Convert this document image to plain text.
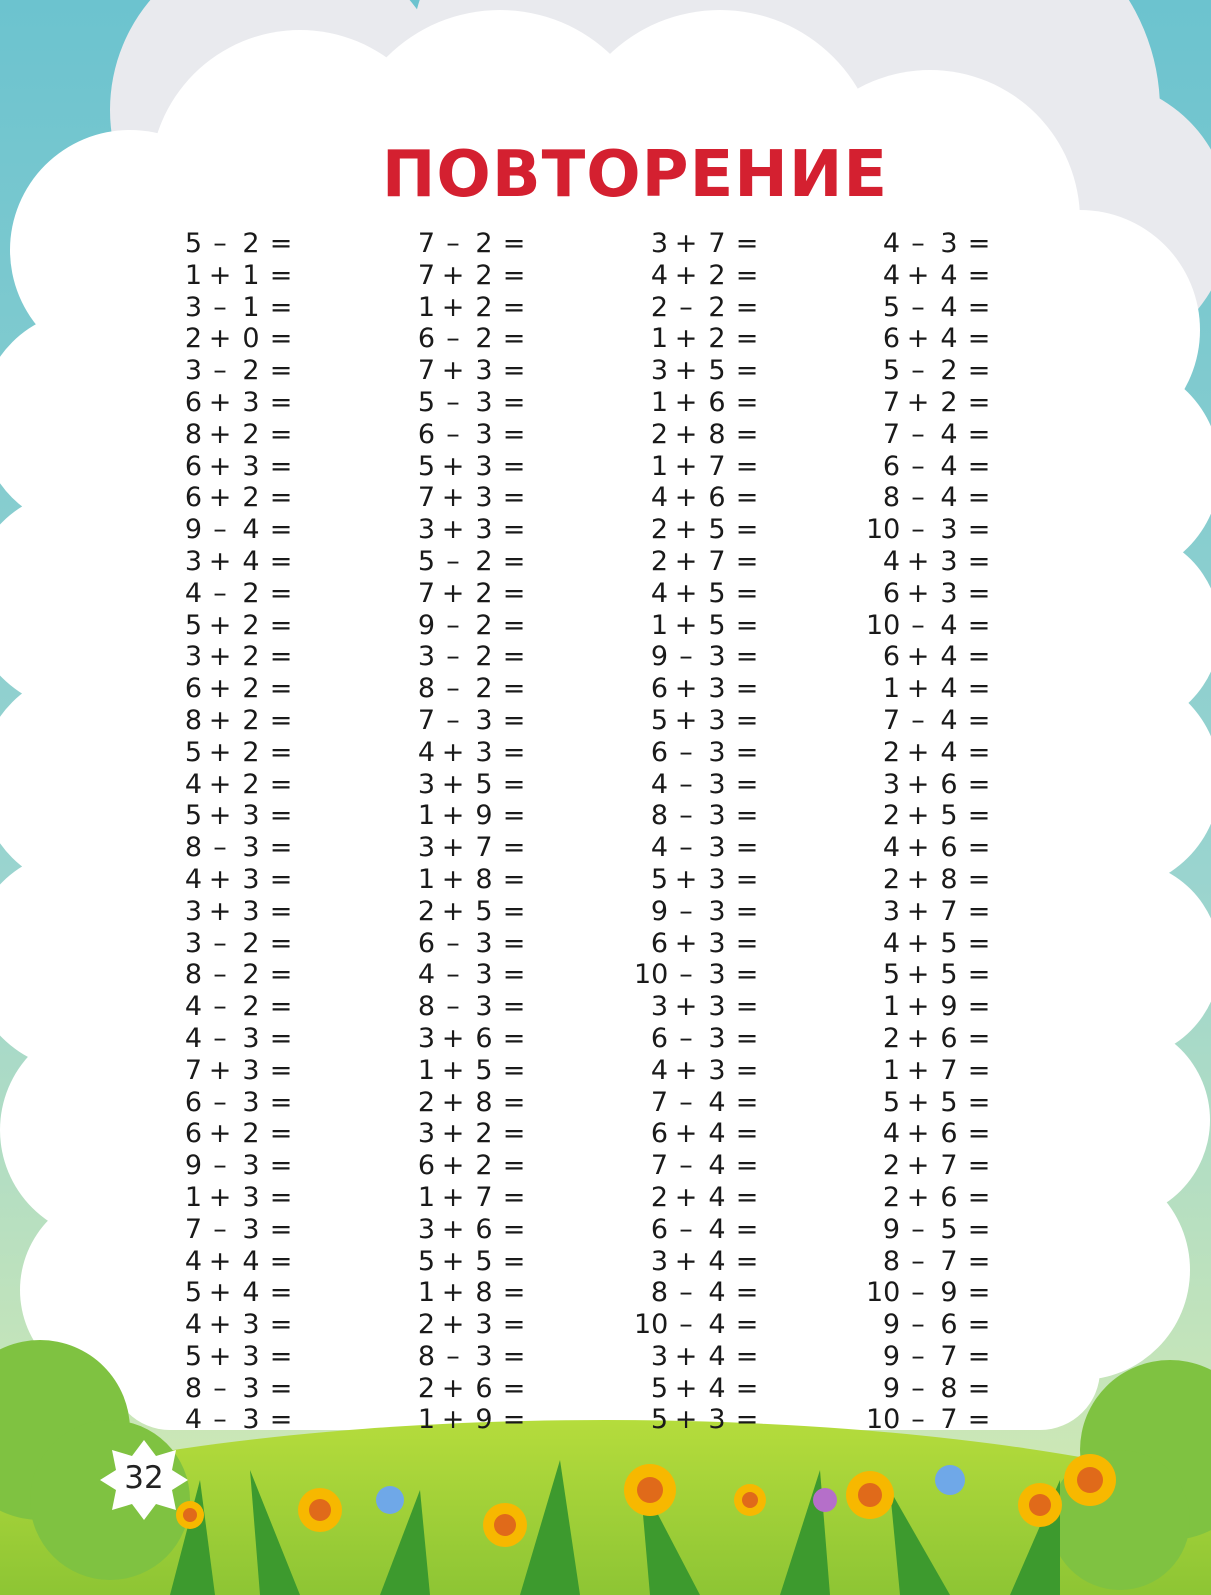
ПОВТОРЕНИЕ
5 – 2 =
1 + 1 =
3 – 1 =
2 + 0 =
3 – 2 =
6 + 3 =
8 + 2 =
6 + 3 =
6 + 2 =
9 – 4 =
3 + 4 =
4 – 2 =
5 + 2 =
3 + 2 =
6 + 2 =
8 + 2 =
5 + 2 =
4 + 2 =
5 + 3 =
8 – 3 =
4 + 3 =
3 + 3 =
3 – 2 =
8 – 2 =
4 – 2 =
4 – 3 =
7 + 3 =
6 – 3 =
6 + 2 =
9 – 3 =
1 + 3 =
7 – 3 =
4 + 4 =
5 + 4 =
4 + 3 =
5 + 3 =
8 – 3 =
4 – 3 =
7 – 2 =
7 + 2 =
1 + 2 =
6 – 2 =
7 + 3 =
5 – 3 =
6 – 3 =
5 + 3 =
7 + 3 =
3 + 3 =
5 – 2 =
7 + 2 =
9 – 2 =
3 – 2 =
8 – 2 =
7 – 3 =
4 + 3 =
3 + 5 =
1 + 9 =
3 + 7 =
1 + 8 =
2 + 5 =
6 – 3 =
4 – 3 =
8 – 3 =
3 + 6 =
1 + 5 =
2 + 8 =
3 + 2 =
6 + 2 =
1 + 7 =
3 + 6 =
5 + 5 =
1 + 8 =
2 + 3 =
8 – 3 =
2 + 6 =
1 + 9 =
3 + 7 =
4 + 2 =
2 – 2 =
1 + 2 =
3 + 5 =
1 + 6 =
2 + 8 =
1 + 7 =
4 + 6 =
2 + 5 =
2 + 7 =
4 + 5 =
1 + 5 =
9 – 3 =
6 + 3 =
5 + 3 =
6 – 3 =
4 – 3 =
8 – 3 =
4 – 3 =
5 + 3 =
9 – 3 =
6 + 3 =
10 – 3 =
3 + 3 =
6 – 3 =
4 + 3 =
7 – 4 =
6 + 4 =
7 – 4 =
2 + 4 =
6 – 4 =
3 + 4 =
8 – 4 =
10 – 4 =
3 + 4 =
5 + 4 =
5 + 3 =
4 – 3 =
4 + 4 =
5 – 4 =
6 + 4 =
5 – 2 =
7 + 2 =
7 – 4 =
6 – 4 =
8 – 4 =
10 – 3 =
4 + 3 =
6 + 3 =
10 – 4 =
6 + 4 =
1 + 4 =
7 – 4 =
2 + 4 =
3 + 6 =
2 + 5 =
4 + 6 =
2 + 8 =
3 + 7 =
4 + 5 =
5 + 5 =
1 + 9 =
2 + 6 =
1 + 7 =
5 + 5 =
4 + 6 =
2 + 7 =
2 + 6 =
9 – 5 =
8 – 7 =
10 – 9 =
9 – 6 =
9 – 7 =
9 – 8 =
10 – 7 =
32
